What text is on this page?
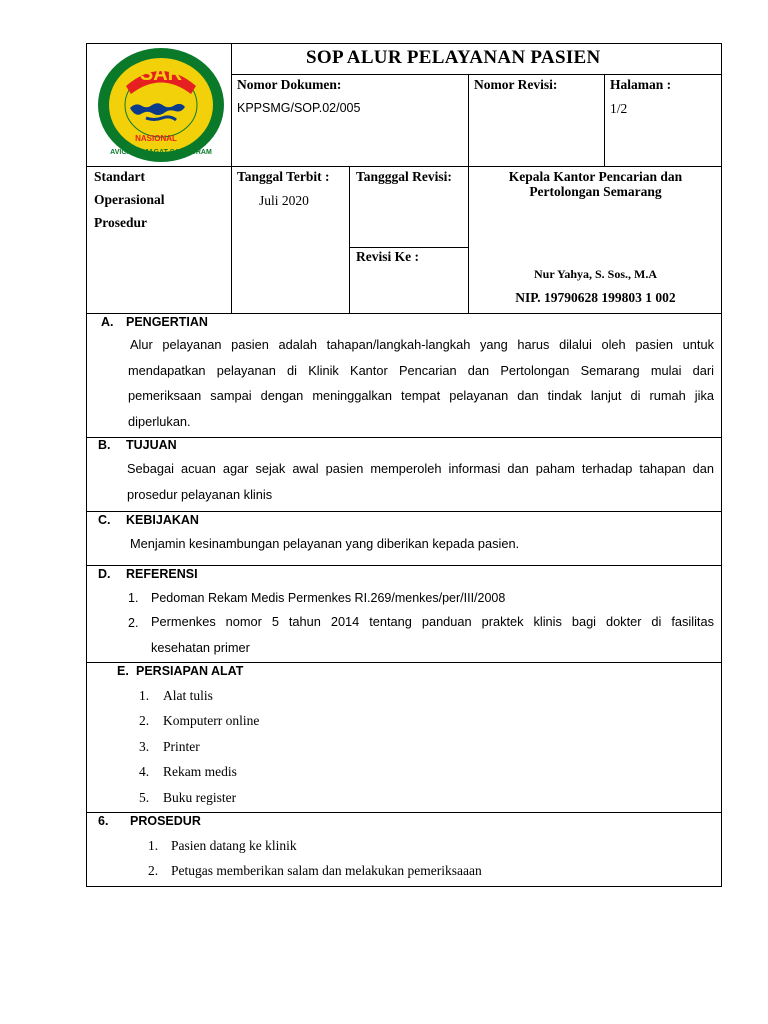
SAR
NASIONAL
AVIGNAM JAGAT SAMAGRAM
SOP ALUR PELAYANAN PASIEN
Nomor Dokumen:
KPPSMG/SOP.02/005
Nomor Revisi:	Halaman :
1/2
Standart
Operasional
Prosedur
Tanggal Terbit :
Juli 2020
Tangggal Revisi:
Revisi Ke :
Kepala Kantor Pencarian dan
Pertolongan Semarang
Nur Yahya, S. Sos., M.A
NIP. 19790628 199803 1 002
A. PENGERTIAN
Alur pelayanan pasien adalah tahapan/langkah-langkah yang harus dilalui oleh pasien untuk
mendapatkan pelayanan di Klinik Kantor Pencarian dan Pertolongan Semarang mulai dari
pemeriksaan sampai dengan meninggalkan tempat pelayanan dan tindak lanjut di rumah jika
diperlukan.
B. TUJUAN
Sebagai acuan agar sejak awal pasien memperoleh informasi dan paham terhadap tahapan dan
prosedur pelayanan klinis
C. KEBIJAKAN
Menjamin kesinambungan pelayanan yang diberikan kepada pasien.
D. REFERENSI
1. Pedoman Rekam Medis Permenkes RI.269/menkes/per/III/2008
2. Permenkes nomor 5 tahun 2014 tentang panduan praktek klinis bagi dokter di fasilitas
kesehatan primer
E. PERSIAPAN ALAT
1. Alat tulis
2. Komputerr online
3. Printer
4. Rekam medis
5. Buku register
6. PROSEDUR
1. Pasien datang ke klinik
2. Petugas memberikan salam dan melakukan pemeriksaaan
